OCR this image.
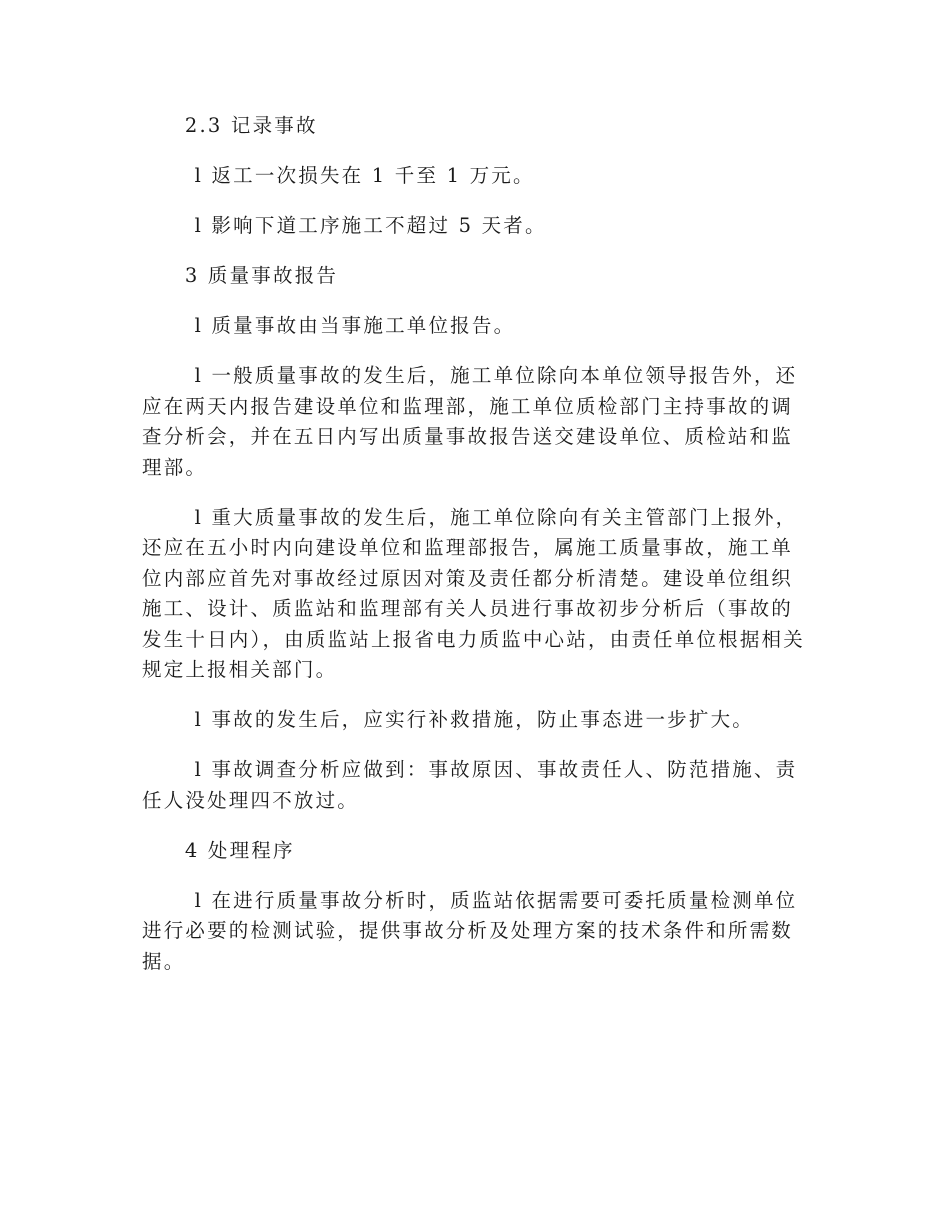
2.3 记录事故

l 返工一次损失在 1 千至 1 万元。

l 影响下道工序施工不超过 5 天者。

3 质量事故报告

l 质量事故由当事施工单位报告。

l 一般质量事故的发生后，施工单位除向本单位领导报告外，还应在两天内报告建设单位和监理部，施工单位质检部门主持事故的调查分析会，并在五日内写出质量事故报告送交建设单位、质检站和监理部。

l 重大质量事故的发生后，施工单位除向有关主管部门上报外，还应在五小时内向建设单位和监理部报告，属施工质量事故，施工单位内部应首先对事故经过原因对策及责任都分析清楚。建设单位组织施工、设计、质监站和监理部有关人员进行事故初步分析后（事故的发生十日内），由质监站上报省电力质监中心站，由责任单位根据相关规定上报相关部门。

l 事故的发生后，应实行补救措施，防止事态进一步扩大。

l 事故调查分析应做到：事故原因、事故责任人、防范措施、责任人没处理四不放过。

4 处理程序

l 在进行质量事故分析时，质监站依据需要可委托质量检测单位进行必要的检测试验，提供事故分析及处理方案的技术条件和所需数据。
